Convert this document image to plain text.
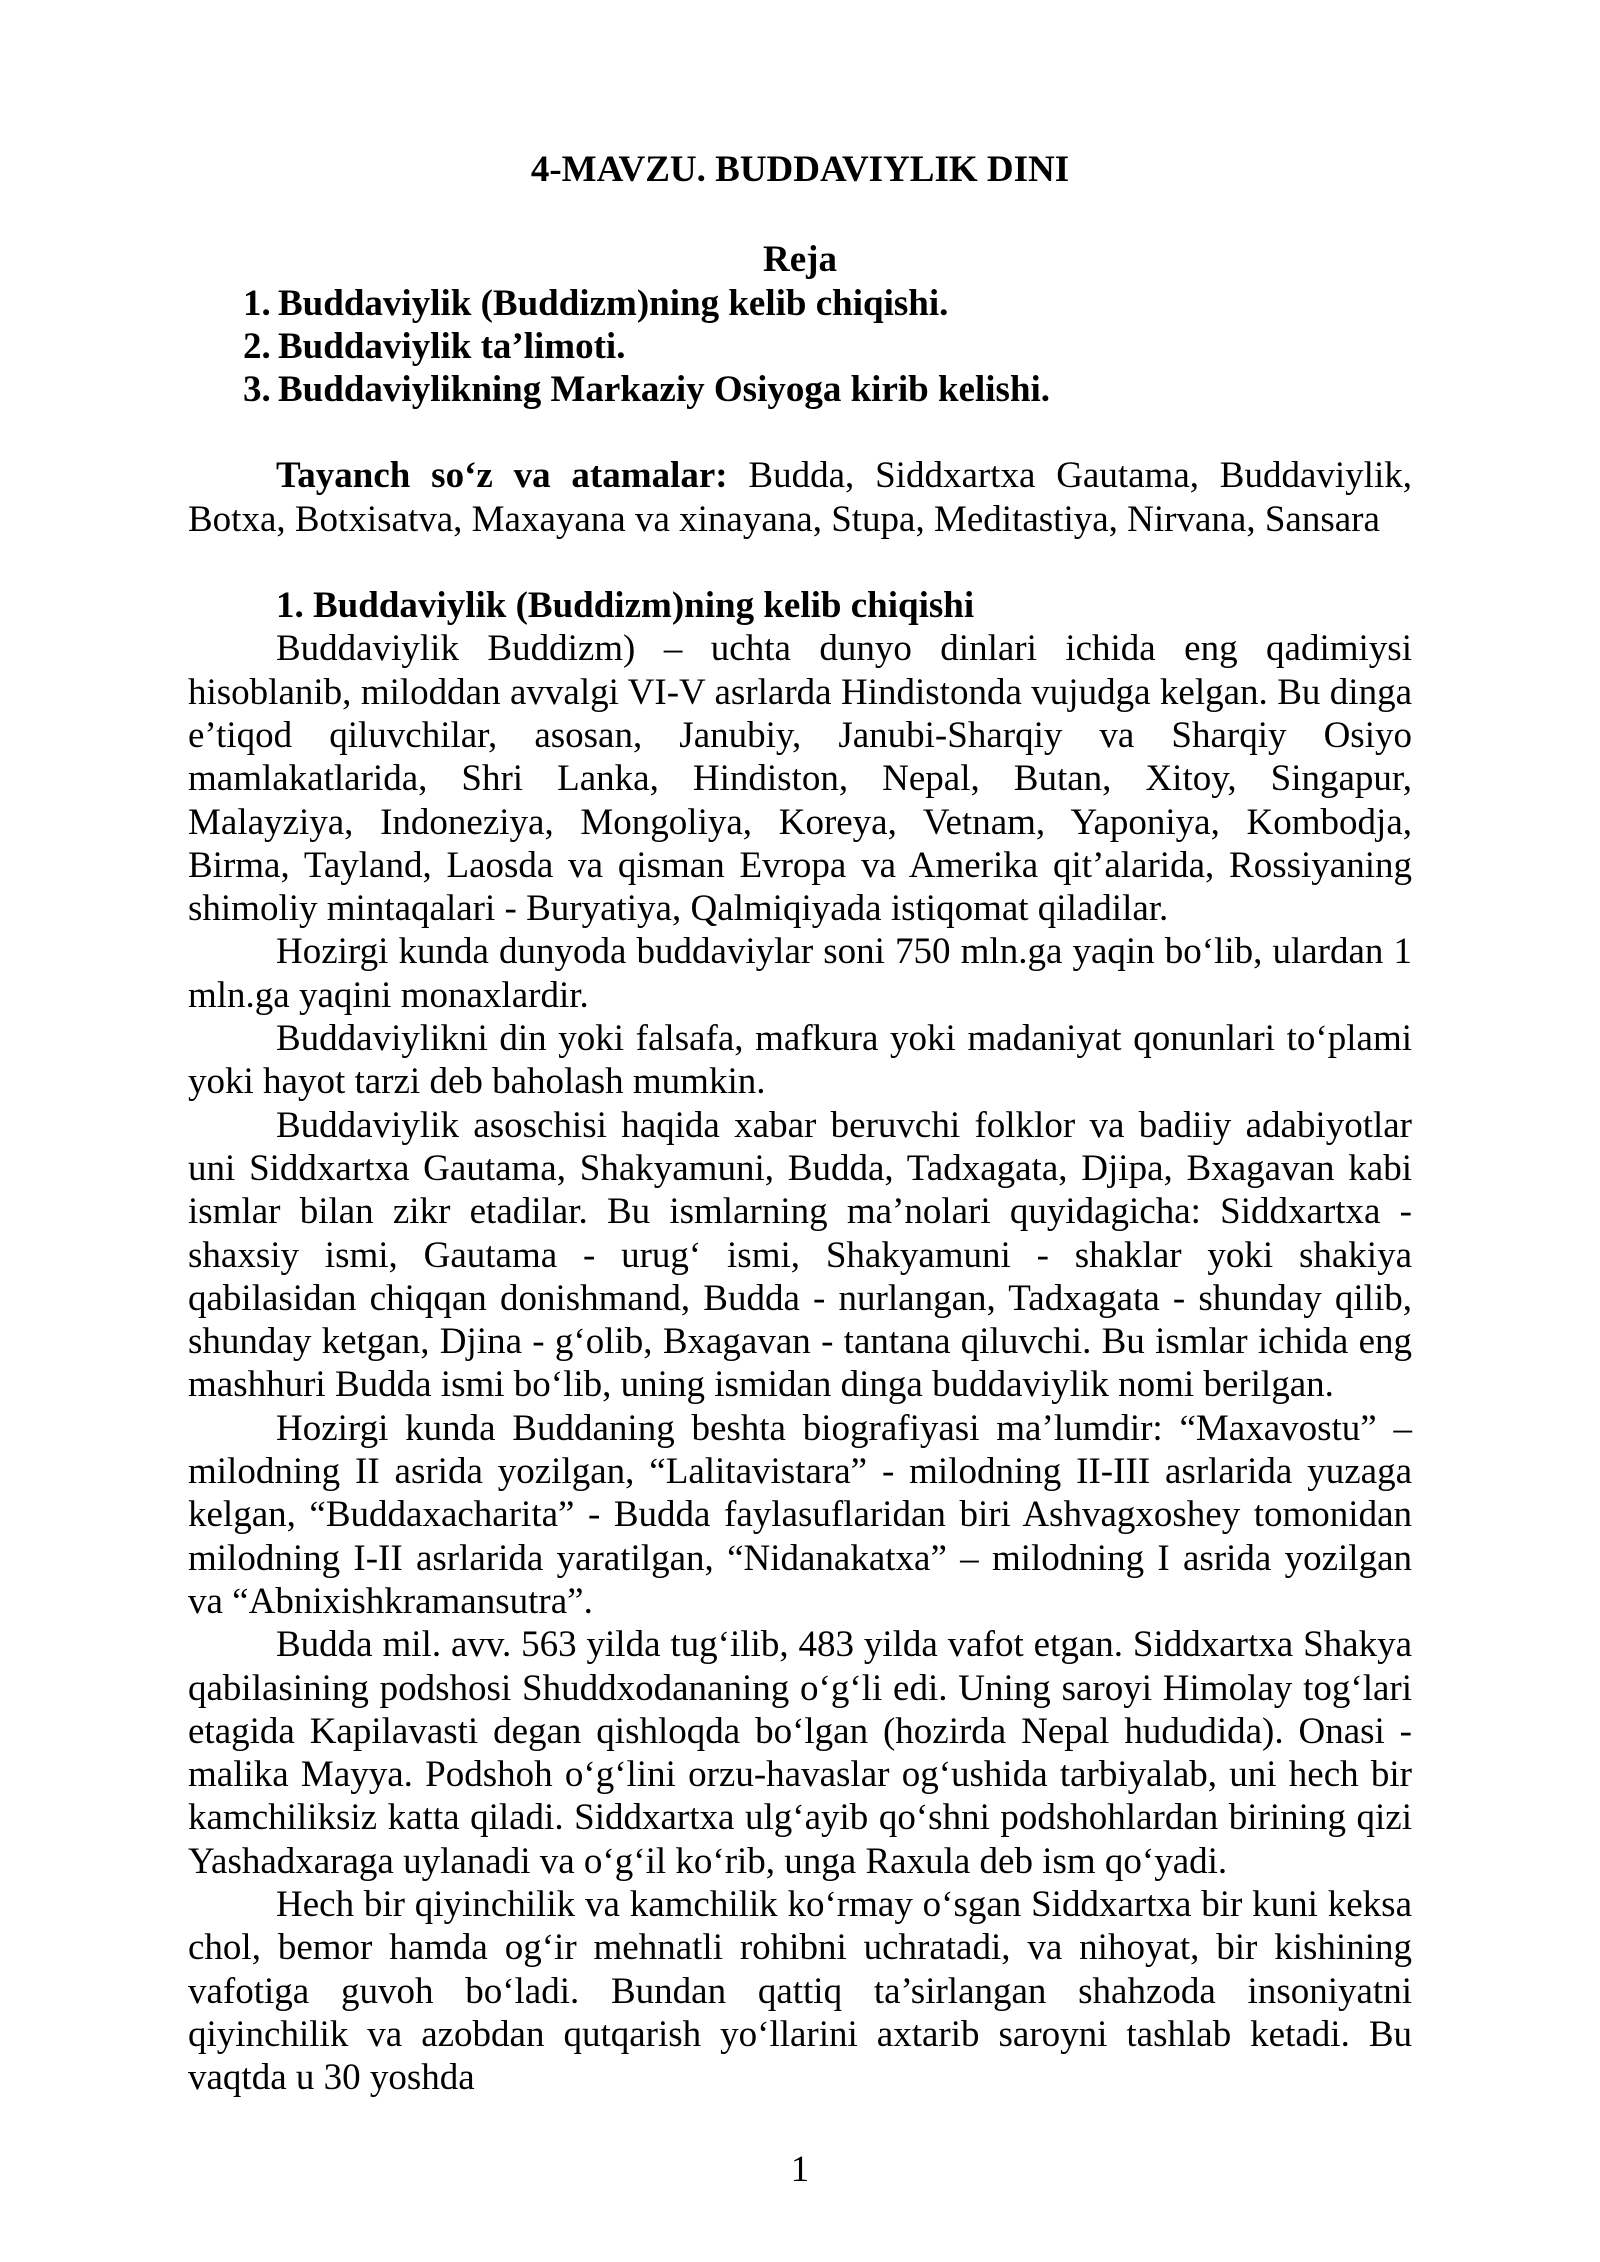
4-MAVZU. BUDDAVIYLIK DINI
Reja
1. Buddaviylik (Buddizm)ning kelib chiqishi.
2. Buddaviylik ta’limoti.
3. Buddaviylikning Markaziy Osiyoga kirib kelishi.

Tayanch so‘z va atamalar: Budda, Siddxartxa Gautama, Buddaviylik, Botxa, Botxisatva, Maxayana va xinayana, Stupa, Meditastiya, Nirvana, Sansara

1. Buddaviylik (Buddizm)ning kelib chiqishi

Buddaviylik Buddizm) – uchta dunyo dinlari ichida eng qadimiysi hisoblanib, miloddan avvalgi VI-V asrlarda Hindistonda vujudga kelgan. Bu dinga e’tiqod qiluvchilar, asosan, Janubiy, Janubi-Sharqiy va Sharqiy Osiyo mamlakatlarida, Shri Lanka, Hindiston, Nepal, Butan, Xitoy, Singapur, Malayziya, Indoneziya, Mongoliya, Koreya, Vetnam, Yaponiya, Kombodja, Birma, Tayland, Laosda va qisman Evropa va Amerika qit’alarida, Rossiyaning shimoliy mintaqalari - Buryatiya, Qalmiqiyada istiqomat qiladilar.

Hozirgi kunda dunyoda buddaviylar soni 750 mln.ga yaqin bo‘lib, ulardan 1 mln.ga yaqini monaxlardir.

Buddaviylikni din yoki falsafa, mafkura yoki madaniyat qonunlari to‘plami yoki hayot tarzi deb baholash mumkin.

Buddaviylik asoschisi haqida xabar beruvchi folklor va badiiy adabiyotlar uni Siddxartxa Gautama, Shakyamuni, Budda, Tadxagata, Djipa, Bxagavan kabi ismlar bilan zikr etadilar. Bu ismlarning ma’nolari quyidagicha: Siddxartxa - shaxsiy ismi, Gautama - urug‘ ismi, Shakyamuni - shaklar yoki shakiya qabilasidan chiqqan donishmand, Budda - nurlangan, Tadxagata - shunday qilib, shunday ketgan, Djina - g‘olib, Bxagavan - tantana qiluvchi. Bu ismlar ichida eng mashhuri Budda ismi bo‘lib, uning ismidan dinga buddaviylik nomi berilgan.

Hozirgi kunda Buddaning beshta biografiyasi ma’lumdir: “Maxavostu” – milodning II asrida yozilgan, “Lalitavistara” - milodning II-III asrlarida yuzaga kelgan, “Buddaxacharita” - Budda faylasuflaridan biri Ashvagxoshey tomonidan milodning I-II asrlarida yaratilgan, “Nidanakatxa” – milodning I asrida yozilgan va “Abnixishkramansutra”.

Budda mil. avv. 563 yilda tug‘ilib, 483 yilda vafot etgan. Siddxartxa Shakya qabilasining podshosi Shuddxodananing o‘g‘li edi. Uning saroyi Himolay tog‘lari etagida Kapilavasti degan qishloqda bo‘lgan (hozirda Nepal hududida). Onasi - malika Mayya. Podshoh o‘g‘lini orzu-havaslar og‘ushida tarbiyalab, uni hech bir kamchiliksiz katta qiladi. Siddxartxa ulg‘ayib qo‘shni podshohlardan birining qizi Yashadxaraga uylanadi va o‘g‘il ko‘rib, unga Raxula deb ism qo‘yadi.

Hech bir qiyinchilik va kamchilik ko‘rmay o‘sgan Siddxartxa bir kuni keksa chol, bemor hamda og‘ir mehnatli rohibni uchratadi, va nihoyat, bir kishining vafotiga guvoh bo‘ladi. Bundan qattiq ta’sirlangan shahzoda insoniyatni qiyinchilik va azobdan qutqarish yo‘llarini axtarib saroyni tashlab ketadi. Bu vaqtda u 30 yoshda

1
